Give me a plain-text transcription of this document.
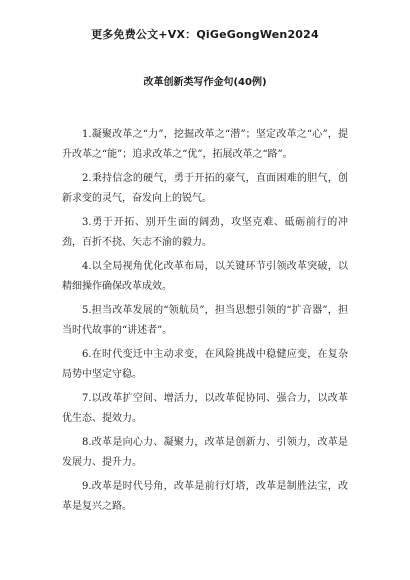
更多免费公文+VX：QiGeGongWen2024
改革创新类写作金句(40例)

1.凝聚改革之“力”，挖掘改革之“潜”；坚定改革之“心”，提升改革之“能”；追求改革之“优”，拓展改革之“路”。

2.秉持信念的硬气，勇于开拓的豪气，直面困难的胆气，创新求变的灵气，奋发向上的锐气。

3.勇于开拓、别开生面的阔劲，攻坚克难、砥砺前行的冲劲，百折不挠、矢志不渝的毅力。

4.以全局视角优化改革布局，以关键环节引领改革突破，以精细操作确保改革成效。

5.担当改革发展的“领航员”，担当思想引领的“扩音器”，担当时代故事的“讲述者”。

6.在时代变迁中主动求变，在风险挑战中稳健应变，在复杂局势中坚定守稳。

7.以改革扩空间、增活力，以改革促协同、强合力，以改革优生态、提效力。

8.改革是向心力、凝聚力，改革是创新力、引领力，改革是发展力、提升力。

9.改革是时代号角，改革是前行灯塔，改革是制胜法宝，改革是复兴之路。
